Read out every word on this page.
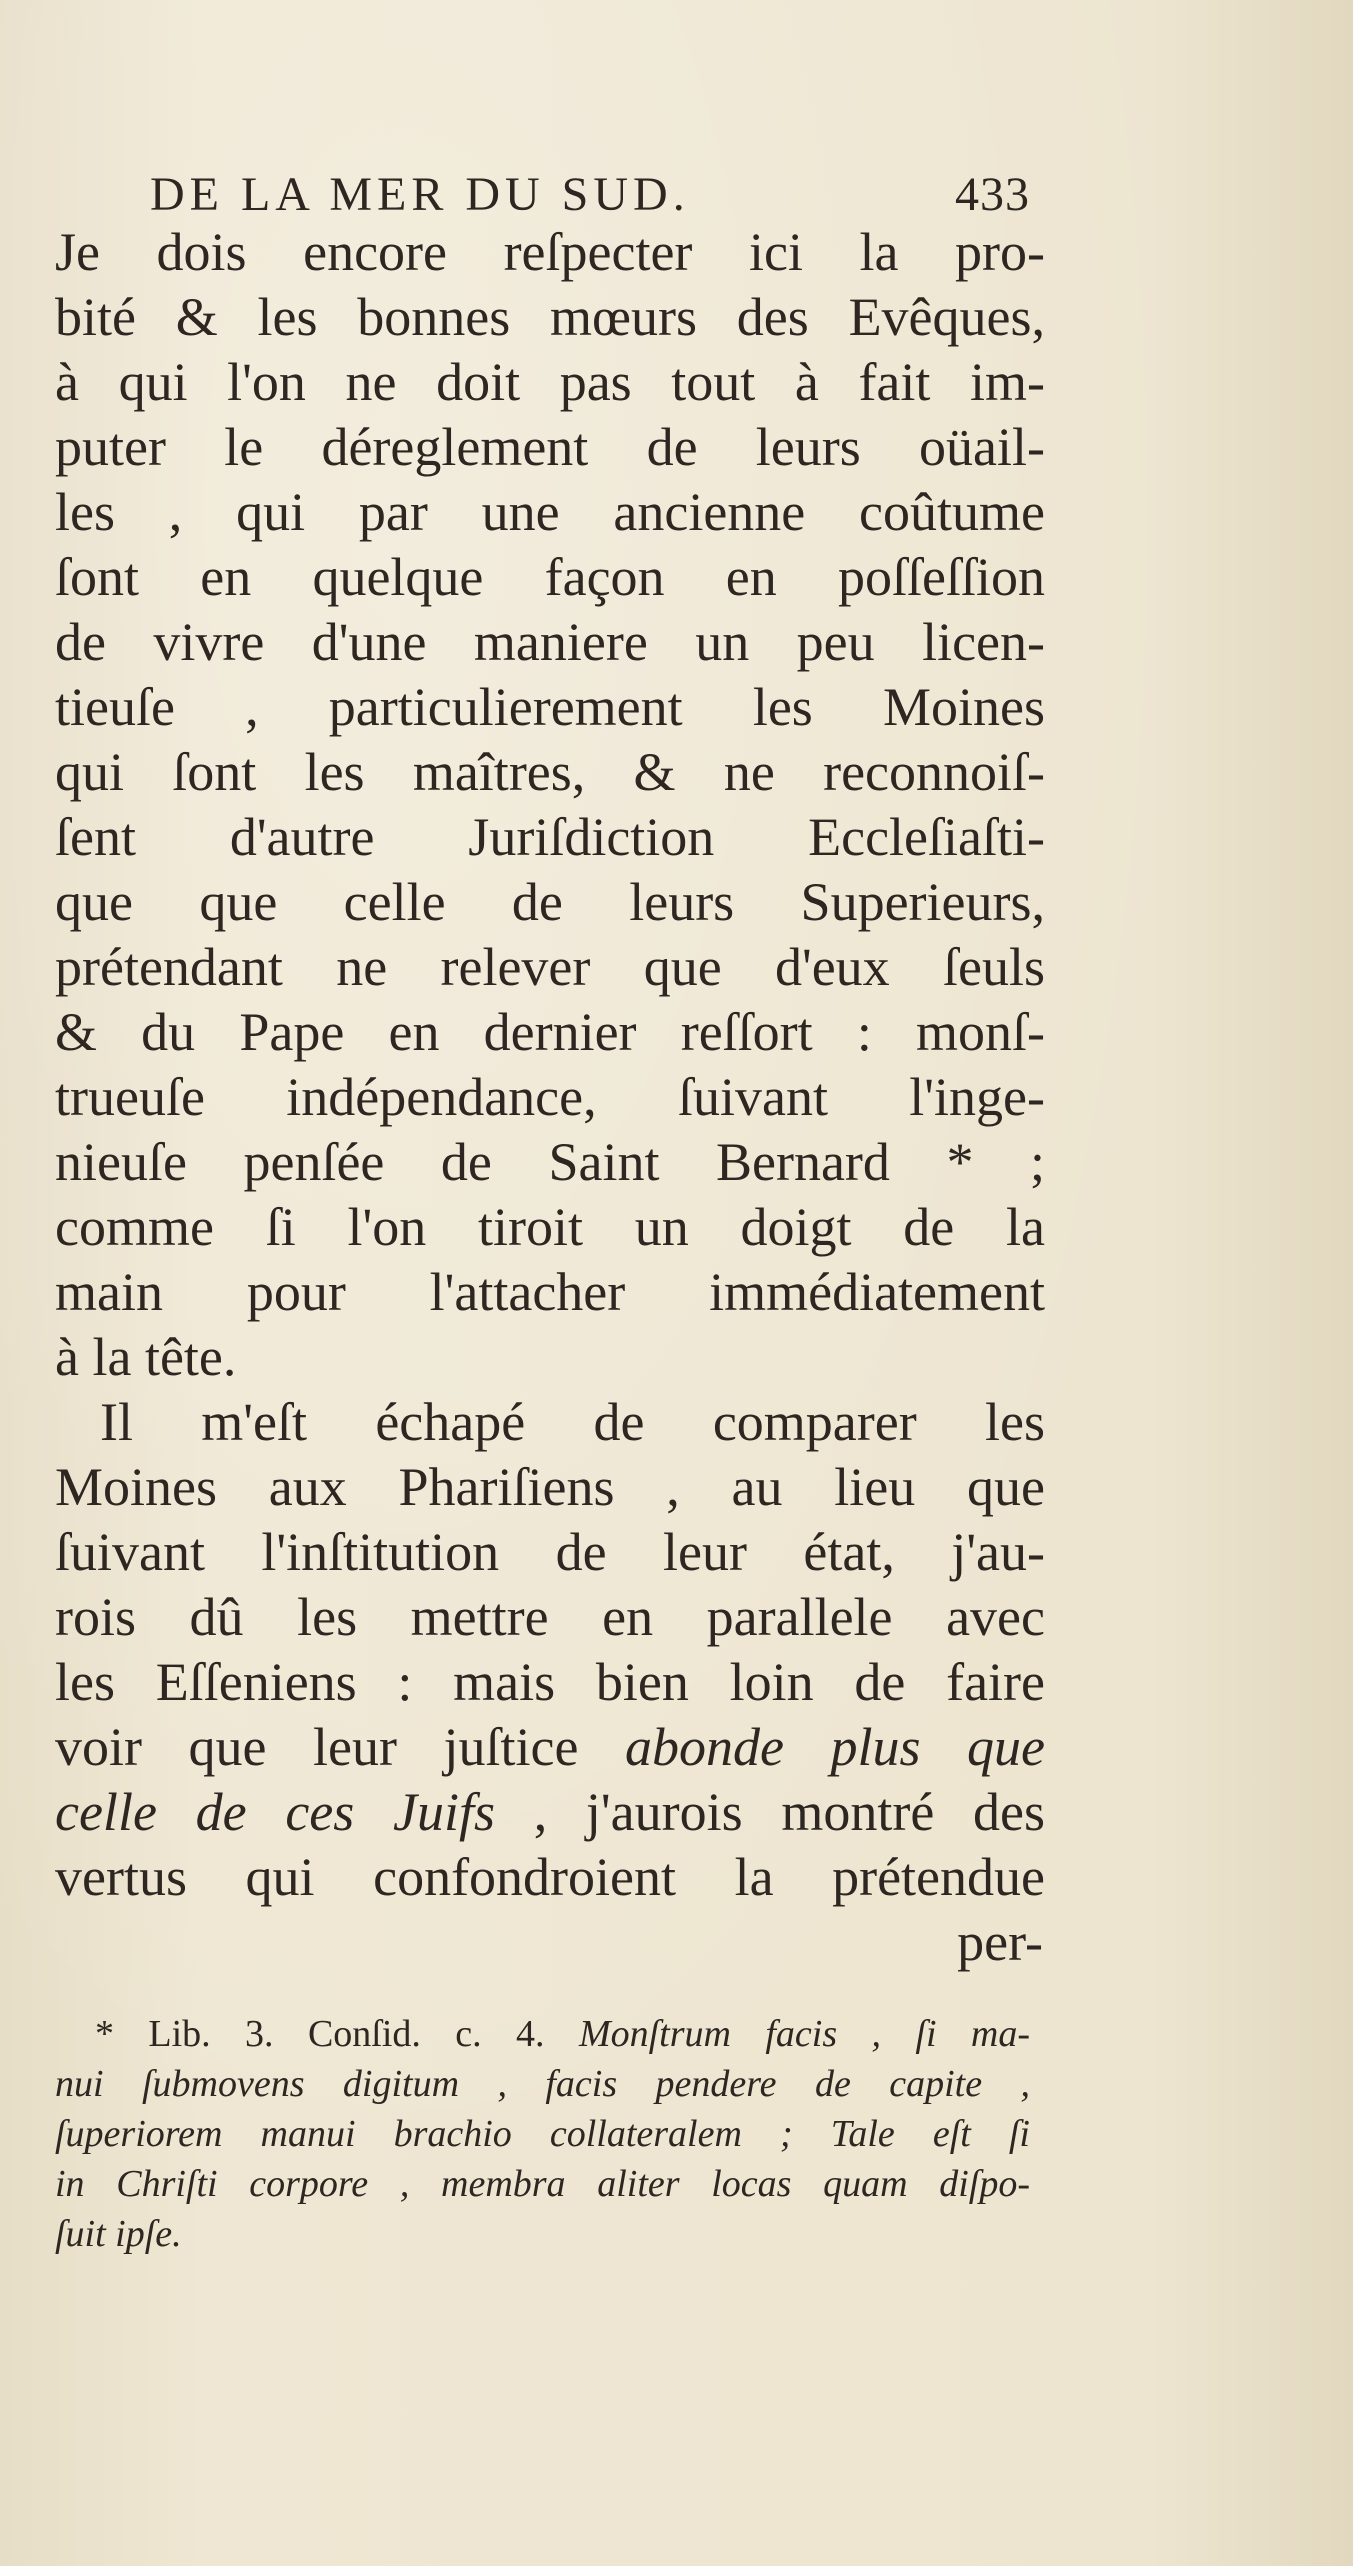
DE LA MER DU SUD.	433
Je dois encore reſpecter ici la pro-
bité & les bonnes mœurs des Evêques,
à qui l'on ne doit pas tout à fait im-
puter le déreglement de leurs oüail-
les , qui par une ancienne coûtume
ſont en quelque façon en poſſeſſion
de vivre d'une maniere un peu licen-
tieuſe , particulierement les Moines
qui ſont les maîtres, & ne reconnoiſ-
ſent d'autre Juriſdiction Eccleſiaſti-
que que celle de leurs Superieurs,
prétendant ne relever que d'eux ſeuls
& du Pape en dernier reſſort : monſ-
trueuſe indépendance, ſuivant l'inge-
nieuſe penſée de Saint Bernard * ;
comme ſi l'on tiroit un doigt de la
main pour l'attacher immédiatement
à la tête.
Il m'eſt échapé de comparer les
Moines aux Phariſiens , au lieu que
ſuivant l'inſtitution de leur état, j'au-
rois dû les mettre en parallele avec
les Eſſeniens : mais bien loin de faire
voir que leur juſtice abonde plus que
celle de ces Juifs , j'aurois montré des
vertus qui confondroient la prétendue
per-
* Lib. 3. Conſid. c. 4. Monſtrum facis , ſi ma-
nui ſubmovens digitum , facis pendere de capite ,
ſuperiorem manui brachio collateralem ; Tale eſt ſi
in Chriſti corpore , membra aliter locas quam diſpo-
ſuit ipſe.
